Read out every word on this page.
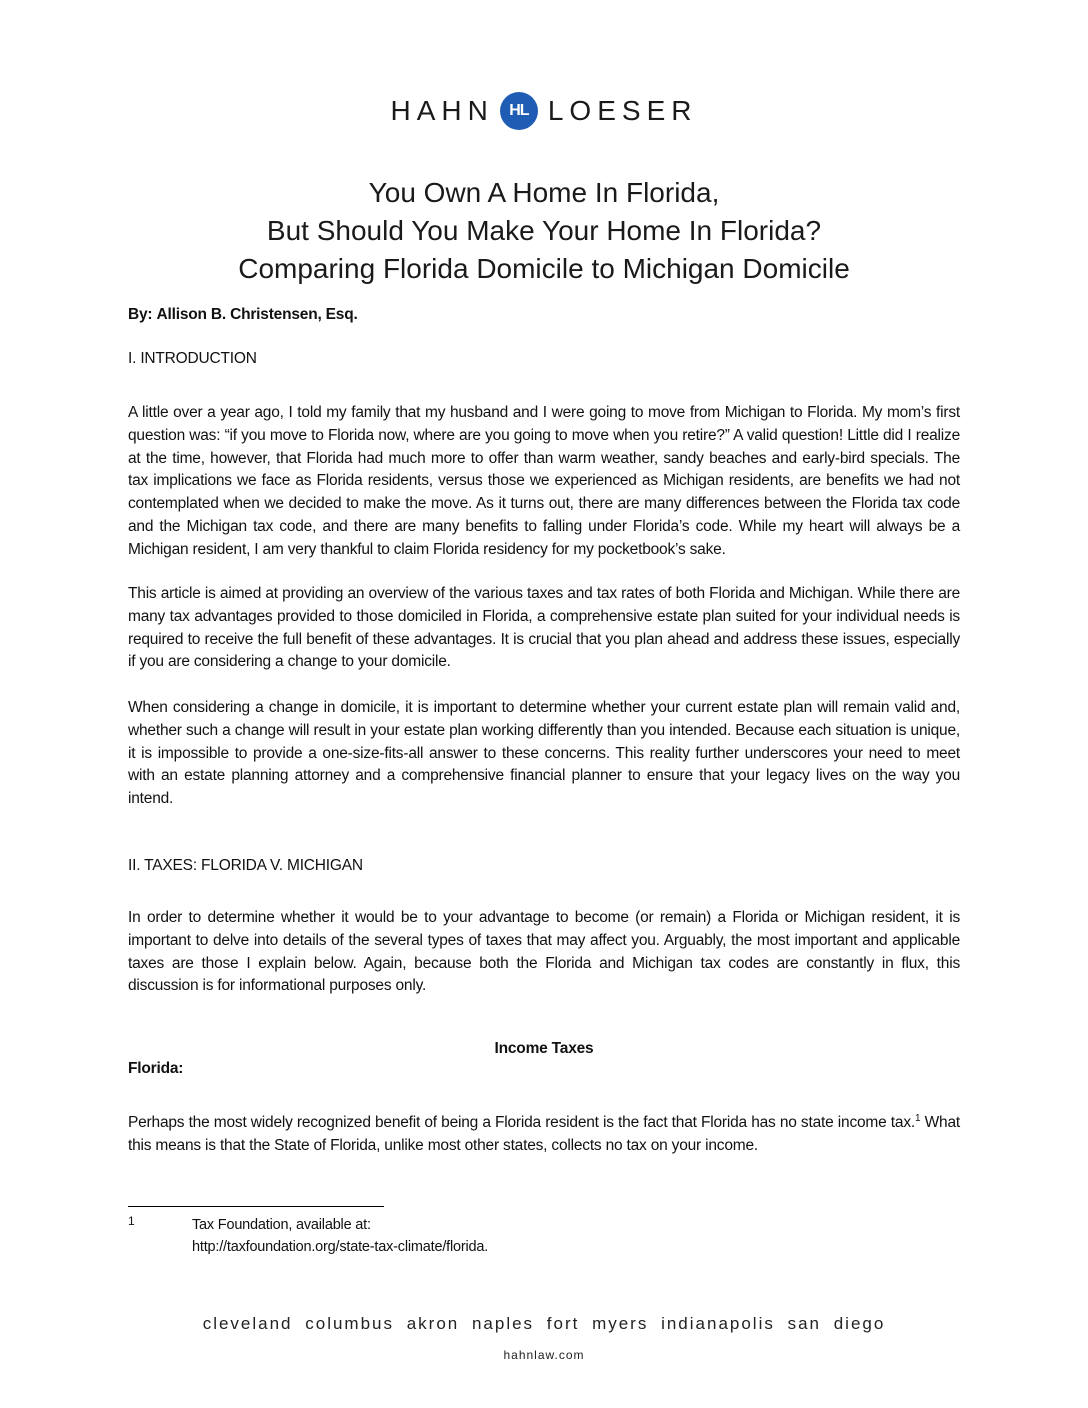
HAHN HL LOESER
You Own A Home In Florida,
But Should You Make Your Home In Florida?
Comparing Florida Domicile to Michigan Domicile
By: Allison B. Christensen, Esq.
I. INTRODUCTION

A little over a year ago, I told my family that my husband and I were going to move from Michigan to Florida. My mom’s first question was: “if you move to Florida now, where are you going to move when you retire?” A valid question! Little did I realize at the time, however, that Florida had much more to offer than warm weather, sandy beaches and early-bird specials. The tax implications we face as Florida residents, versus those we experienced as Michigan residents, are benefits we had not contemplated when we decided to make the move. As it turns out, there are many differences between the Florida tax code and the Michigan tax code, and there are many benefits to falling under Florida’s code. While my heart will always be a Michigan resident, I am very thankful to claim Florida residency for my pocketbook’s sake.

This article is aimed at providing an overview of the various taxes and tax rates of both Florida and Michigan. While there are many tax advantages provided to those domiciled in Florida, a comprehensive estate plan suited for your individual needs is required to receive the full benefit of these advantages. It is crucial that you plan ahead and address these issues, especially if you are considering a change to your domicile.

When considering a change in domicile, it is important to determine whether your current estate plan will remain valid and, whether such a change will result in your estate plan working differently than you intended. Because each situation is unique, it is impossible to provide a one-size-fits-all answer to these concerns. This reality further underscores your need to meet with an estate planning attorney and a comprehensive financial planner to ensure that your legacy lives on the way you intend.

II. TAXES: FLORIDA V. MICHIGAN

In order to determine whether it would be to your advantage to become (or remain) a Florida or Michigan resident, it is important to delve into details of the several types of taxes that may affect you. Arguably, the most important and applicable taxes are those I explain below. Again, because both the Florida and Michigan tax codes are constantly in flux, this discussion is for informational purposes only.

Income Taxes
Florida:

Perhaps the most widely recognized benefit of being a Florida resident is the fact that Florida has no state income tax.$^1$ What this means is that the State of Florida, unlike most other states, collects no tax on your income.

1	Tax Foundation, available at:
http://taxfoundation.org/state-tax-climate/florida.
cleveland columbus akron naples fort myers indianapolis san diego
hahnlaw.com
